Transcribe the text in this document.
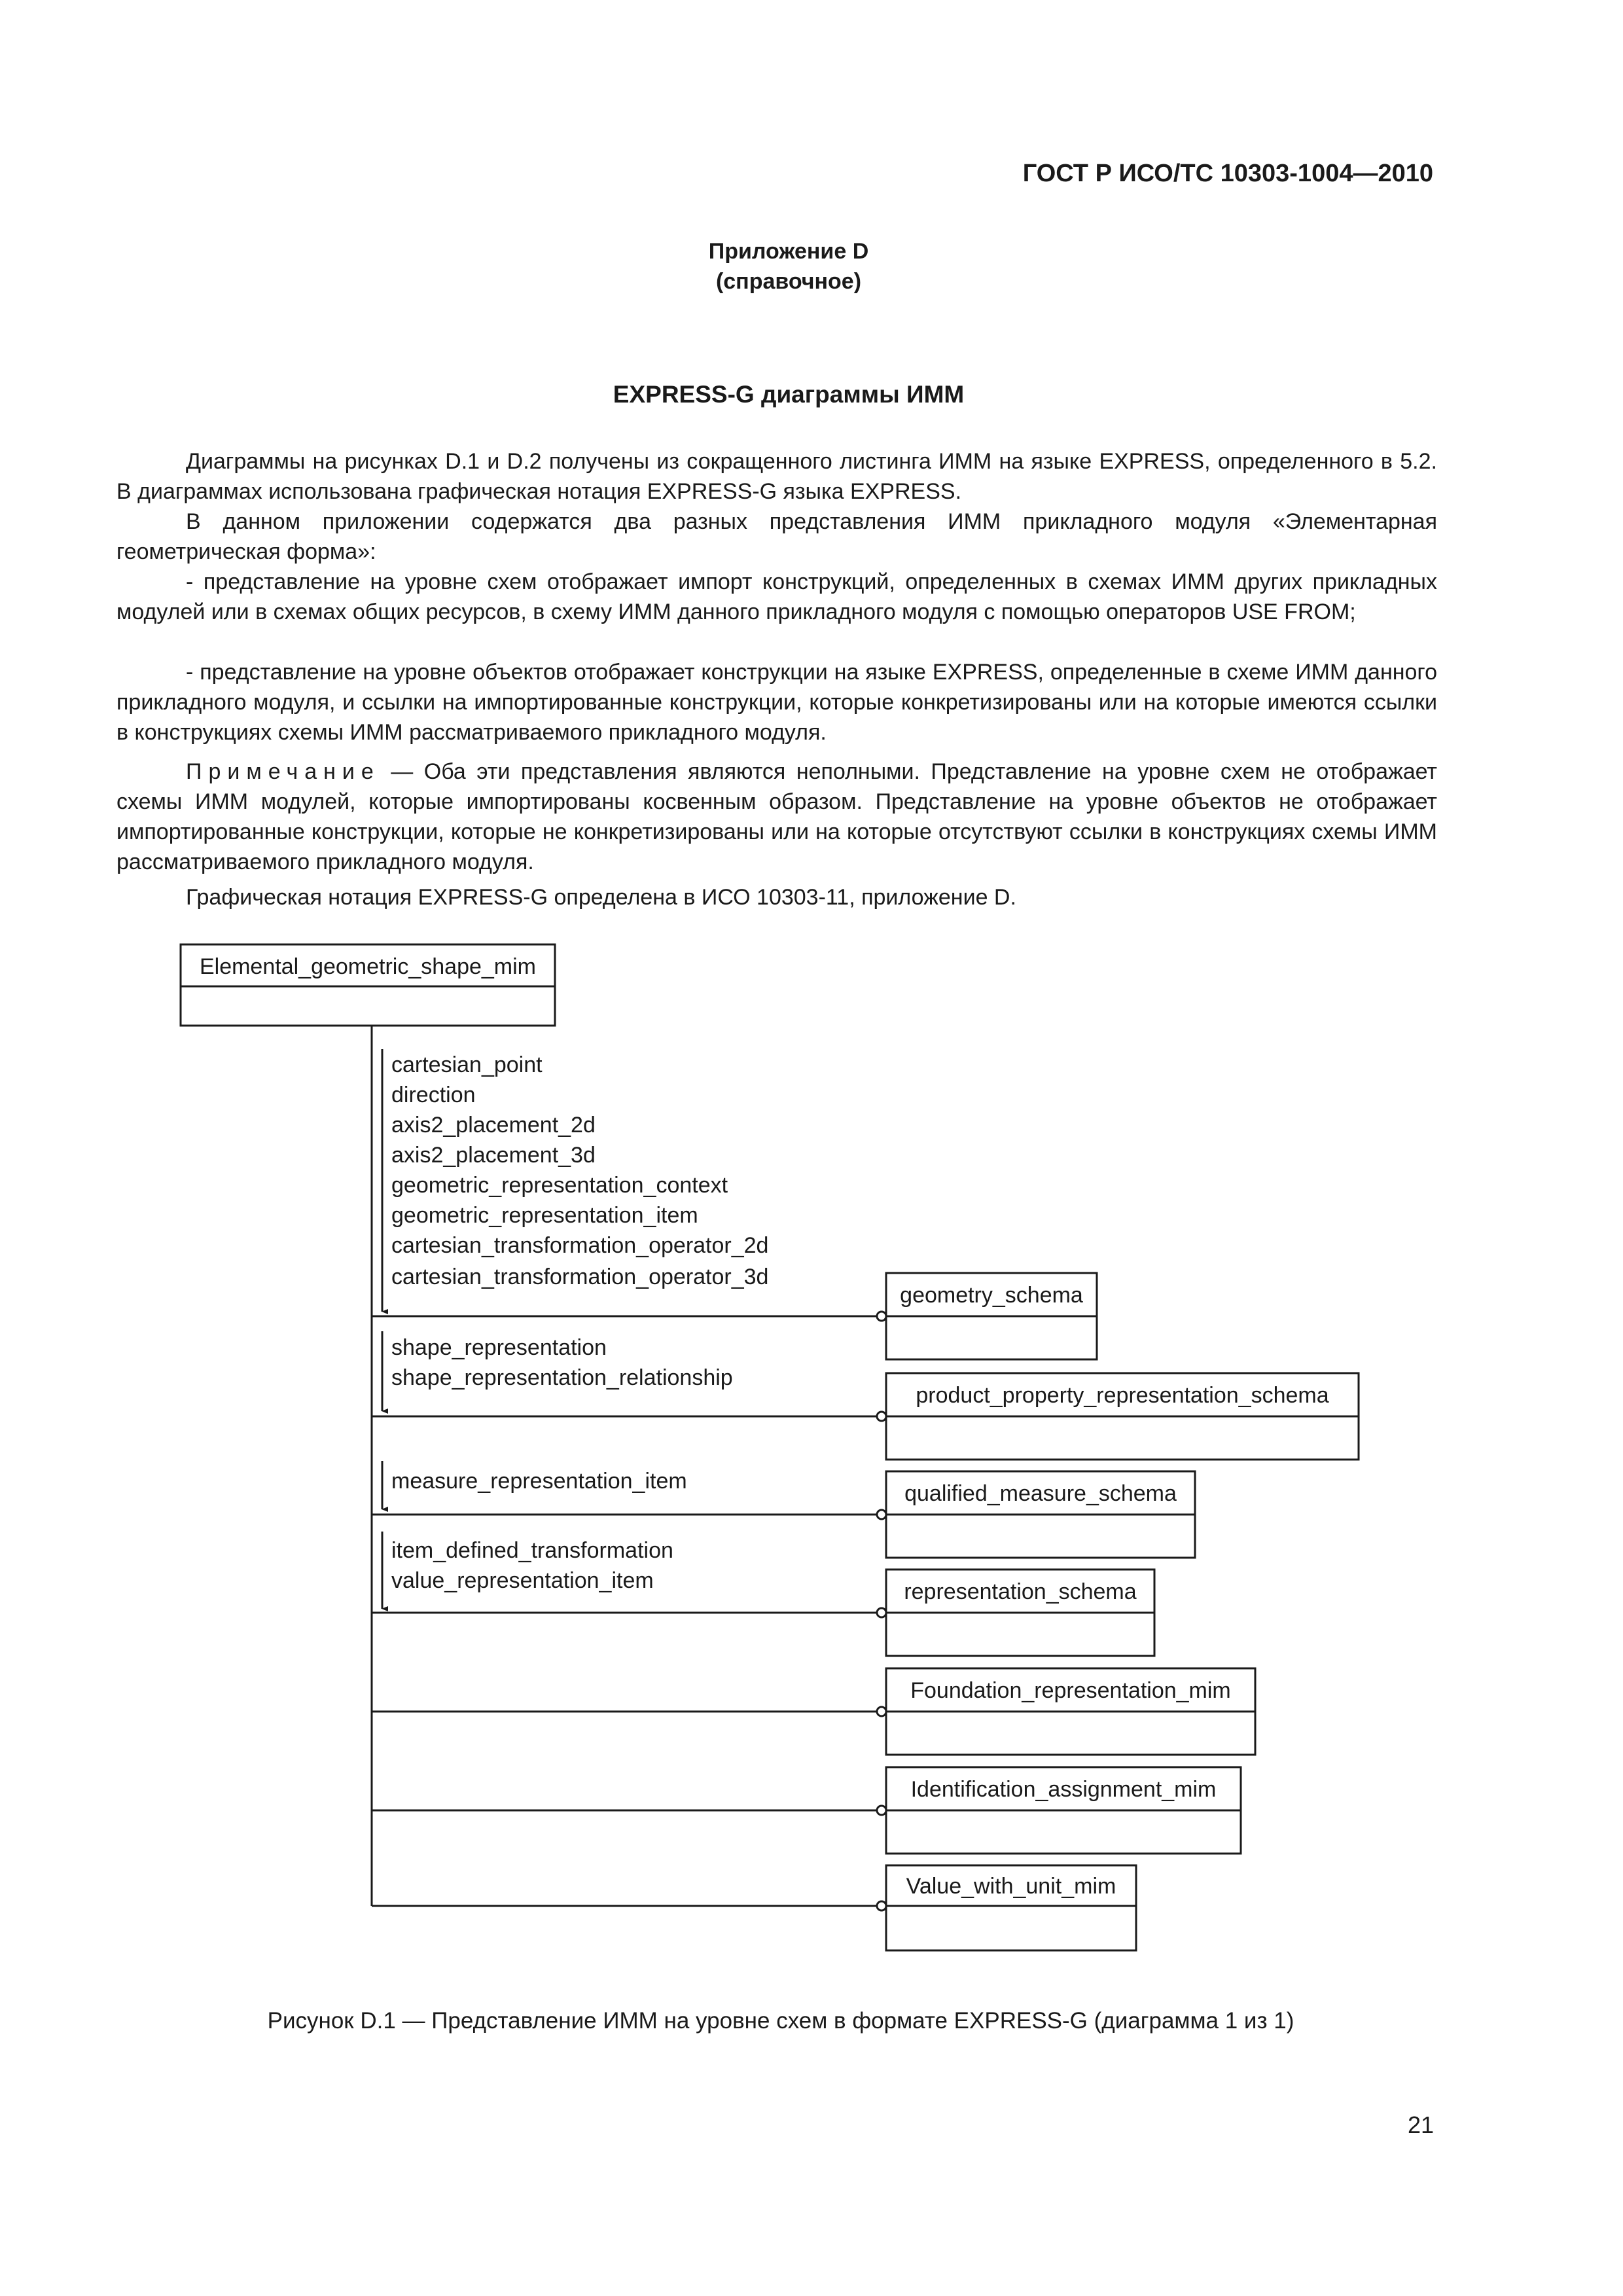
ГОСТ Р ИСО/ТС 10303-1004—2010
Приложение D
(справочное)
EXPRESS-G диаграммы ИММ

Диаграммы на рисунках D.1 и D.2 получены из сокращенного листинга ИММ на языке EXPRESS, определенного в 5.2. В диаграммах использована графическая нотация EXPRESS-G языка EXPRESS.

В данном приложении содержатся два разных представления ИММ прикладного модуля «Элементарная геометрическая форма»:

- представление на уровне схем отображает импорт конструкций, определенных в схемах ИММ других прикладных модулей или в схемах общих ресурсов, в схему ИММ данного прикладного модуля с помощью операторов USE FROM;

- представление на уровне объектов отображает конструкции на языке EXPRESS, определенные в схеме ИММ данного прикладного модуля, и ссылки на импортированные конструкции, которые конкретизированы или на которые имеются ссылки в конструкциях схемы ИММ рассматриваемого прикладного модуля.

Примечание — Оба эти представления являются неполными. Представление на уровне схем не отображает схемы ИММ модулей, которые импортированы косвенным образом. Представление на уровне объектов не отображает импортированные конструкции, которые не конкретизированы или на которые отсутствуют ссылки в конструкциях схемы ИММ рассматриваемого прикладного модуля.

Графическая нотация EXPRESS-G определена в ИСО 10303-11, приложение D.

Elemental_geometric_shape_mim
cartesian_point
direction
axis2_placement_2d
axis2_placement_3d
geometric_representation_context
geometric_representation_item
cartesian_transformation_operator_2d
cartesian_transformation_operator_3d
shape_representation
shape_representation_relationship
measure_representation_item
item_defined_transformation
value_representation_item
geometry_schema
product_property_representation_schema
qualified_measure_schema
representation_schema
Foundation_representation_mim
Identification_assignment_mim
Value_with_unit_mim
Рисунок D.1 — Представление ИММ на уровне схем в формате EXPRESS-G (диаграмма 1 из 1)
21
